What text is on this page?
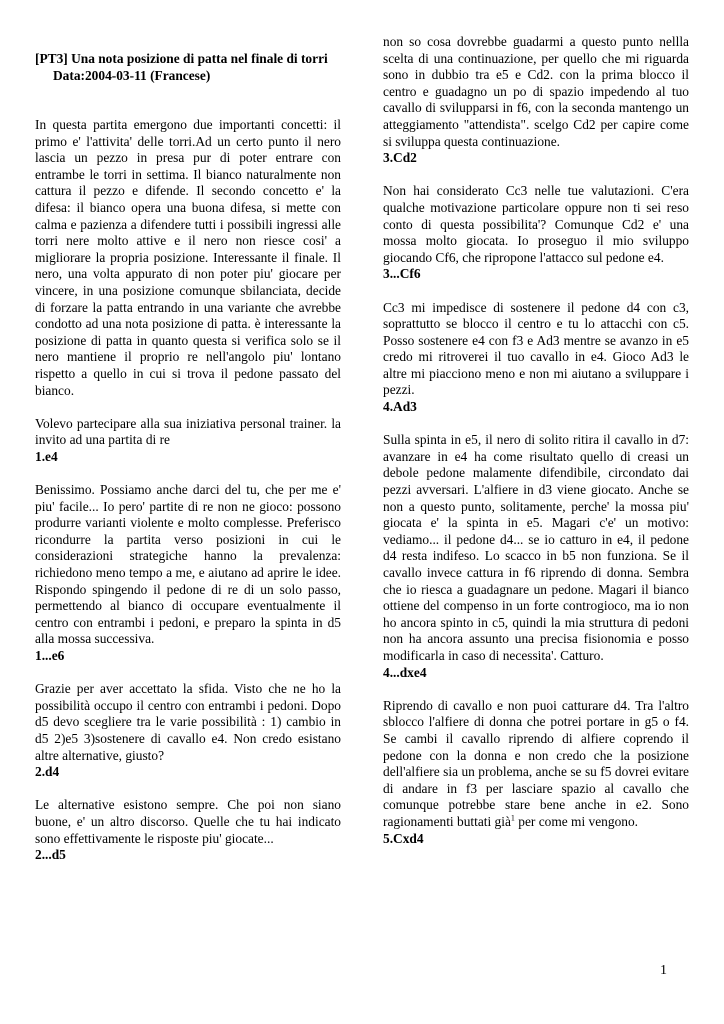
[PT3] Una nota posizione di patta nel finale di torriData:2004-03-11 (Francese)

In questa partita emergono due importanti concetti: il primo e' l'attivita' delle torri.Ad un certo punto il nero lascia un pezzo in presa pur di poter entrare con entrambe le torri in settima. Il bianco naturalmente non cattura il pezzo e difende. Il secondo concetto e' la difesa: il bianco opera una buona difesa, si mette con calma e pazienza a difendere tutti i possibili ingressi alle torri nere molto attive e il nero non riesce cosi' a migliorare la propria posizione. Interessante il finale. Il nero, una volta appurato di non poter piu' giocare per vincere, in una posizione comunque sbilanciata, decide di forzare la patta entrando in una variante che avrebbe condotto ad una nota posizione di patta. è interessante la posizione di patta in quanto questa si verifica solo se il nero mantiene il proprio re nell'angolo piu' lontano rispetto a quello in cui si trova il pedone passato del bianco.

Volevo partecipare alla sua iniziativa personal trainer. la invito ad una partita di re

1.e4

Benissimo. Possiamo anche darci del tu, che per me e' piu' facile... Io pero' partite di re non ne gioco: possono produrre varianti violente e molto complesse. Preferisco ricondurre la partita verso posizioni in cui le considerazioni strategiche hanno la prevalenza: richiedono meno tempo a me, e aiutano ad aprire le idee. Rispondo spingendo il pedone di re di un solo passo, permettendo al bianco di occupare eventualmente il centro con entrambi i pedoni, e preparo la spinta in d5 alla mossa successiva.

1...e6

Grazie per aver accettato la sfida. Visto che ne ho la possibilità occupo il centro con entrambi i pedoni. Dopo d5 devo scegliere tra le varie possibilità : 1) cambio in d5 2)e5 3)sostenere di cavallo e4. Non credo esistano altre alternative, giusto?

2.d4

Le alternative esistono sempre. Che poi non siano buone, e' un altro discorso. Quelle che tu hai indicato sono effettivamente le risposte piu' giocate...

2...d5

non so cosa dovrebbe guadarmi a questo punto nellla scelta di una continuazione, per quello che mi riguarda sono in dubbio tra e5 e Cd2. con la prima blocco il centro e guadagno un po di spazio impedendo al tuo cavallo di svilupparsi in f6, con la seconda mantengo un atteggiamento "attendista". scelgo Cd2 per capire come si sviluppa questa continuazione.

3.Cd2

Non hai considerato Cc3 nelle tue valutazioni. C'era qualche motivazione particolare oppure non ti sei reso conto di questa possibilita'? Comunque Cd2 e' una mossa molto giocata. Io proseguo il mio sviluppo giocando Cf6, che ripropone l'attacco sul pedone e4.

3...Cf6

Cc3 mi impedisce di sostenere il pedone d4 con c3, soprattutto se blocco il centro e tu lo attacchi con c5. Posso sostenere e4 con f3 e Ad3 mentre se avanzo in e5 credo mi ritroverei il tuo cavallo in e4. Gioco Ad3 le altre mi piacciono meno e non mi aiutano a sviluppare i pezzi.

4.Ad3

Sulla spinta in e5, il nero di solito ritira il cavallo in d7: avanzare in e4 ha come risultato quello di creasi un debole pedone malamente difendibile, circondato dai pezzi avversari. L'alfiere in d3 viene giocato. Anche se non a questo punto, solitamente, perche' la mossa piu' giocata e' la spinta in e5. Magari c'e' un motivo: vediamo... il pedone d4... se io catturo in e4, il pedone d4 resta indifeso. Lo scacco in b5 non funziona. Se il cavallo invece cattura in f6 riprendo di donna. Sembra che io riesca a guadagnare un pedone. Magari il bianco ottiene del compenso in un forte controgioco, ma io non ho ancora spinto in c5, quindi la mia struttura di pedoni non ha ancora assunto una precisa fisionomia e posso modificarla in caso di necessita'. Catturo.

4...dxe4

Riprendo di cavallo e non puoi catturare d4. Tra l'altro sblocco l'alfiere di donna che potrei portare in g5 o f4. Se cambi il cavallo riprendo di alfiere coprendo il pedone con la donna e non credo che la posizione dell'alfiere sia un problema, anche se su f5 dovrei evitare di andare in f3 per lasciare spazio al cavallo che comunque potrebbe stare bene anche in e2. Sono ragionamenti buttati già$^1$ per come mi vengono.

5.Cxd4

1
